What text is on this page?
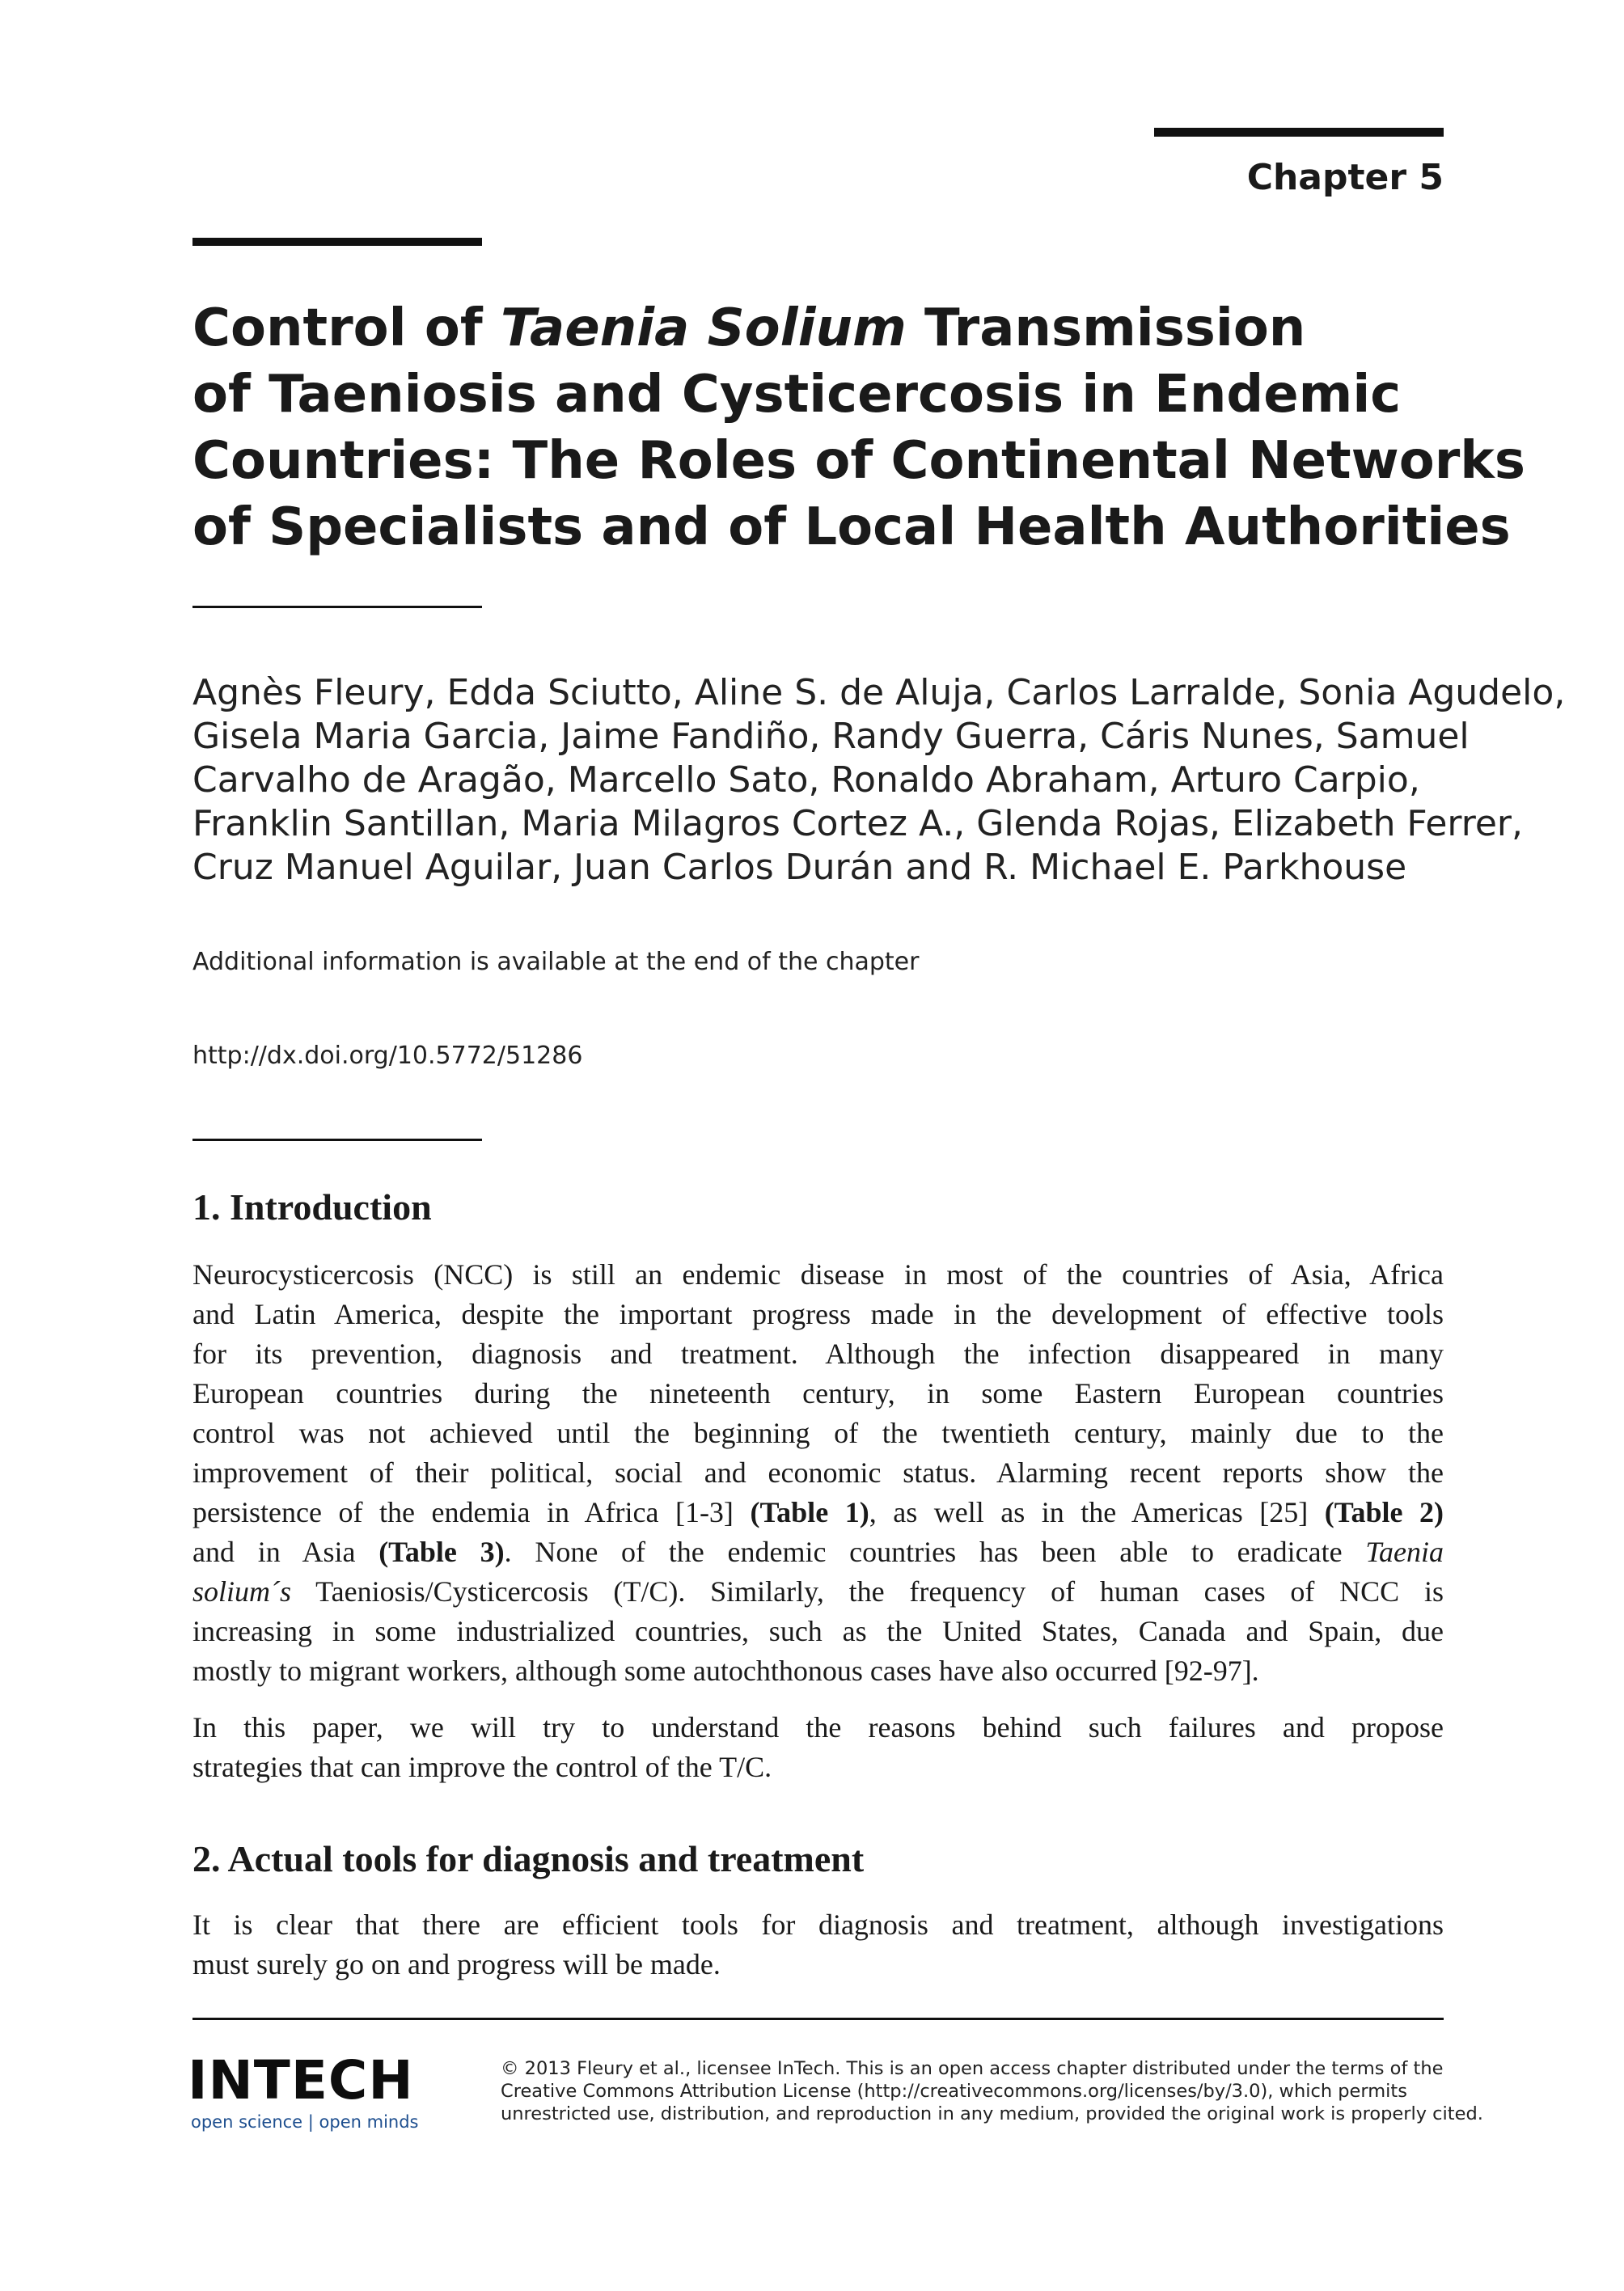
Chapter 5
Control of Taenia Solium Transmission
of Taeniosis and Cysticercosis in Endemic
Countries: The Roles of Continental Networks
of Specialists and of Local Health Authorities
Agnès Fleury, Edda Sciutto, Aline S. de Aluja, Carlos Larralde, Sonia Agudelo,
Gisela Maria Garcia, Jaime Fandiño, Randy Guerra, Cáris Nunes, Samuel
Carvalho de Aragão, Marcello Sato, Ronaldo Abraham, Arturo Carpio,
Franklin Santillan, Maria Milagros Cortez A., Glenda Rojas, Elizabeth Ferrer,
Cruz Manuel Aguilar, Juan Carlos Durán and R. Michael E. Parkhouse
Additional information is available at the end of the chapter
http://dx.doi.org/10.5772/51286
1. Introduction
Neurocysticercosis (NCC) is still an endemic disease in most of the countries of Asia, Africa
and Latin America, despite the important progress made in the development of effective tools
for its prevention, diagnosis and treatment. Although the infection disappeared in many
European countries during the nineteenth century, in some Eastern European countries
control was not achieved until the beginning of the twentieth century, mainly due to the
improvement of their political, social and economic status. Alarming recent reports show the
persistence of the endemia in Africa [1-3] (Table 1), as well as in the Americas [25] (Table 2)
and in Asia (Table 3). None of the endemic countries has been able to eradicate Taenia
solium´s Taeniosis/Cysticercosis (T/C). Similarly, the frequency of human cases of NCC is
increasing in some industrialized countries, such as the United States, Canada and Spain, due
mostly to migrant workers, although some autochthonous cases have also occurred [92-97].
In this paper, we will try to understand the reasons behind such failures and propose
strategies that can improve the control of the T/C.
2. Actual tools for diagnosis and treatment
It is clear that there are efficient tools for diagnosis and treatment, although investigations
must surely go on and progress will be made.
INTECH
open science | open minds
© 2013 Fleury et al., licensee InTech. This is an open access chapter distributed under the terms of the
Creative Commons Attribution License (http://creativecommons.org/licenses/by/3.0), which permits
unrestricted use, distribution, and reproduction in any medium, provided the original work is properly cited.
